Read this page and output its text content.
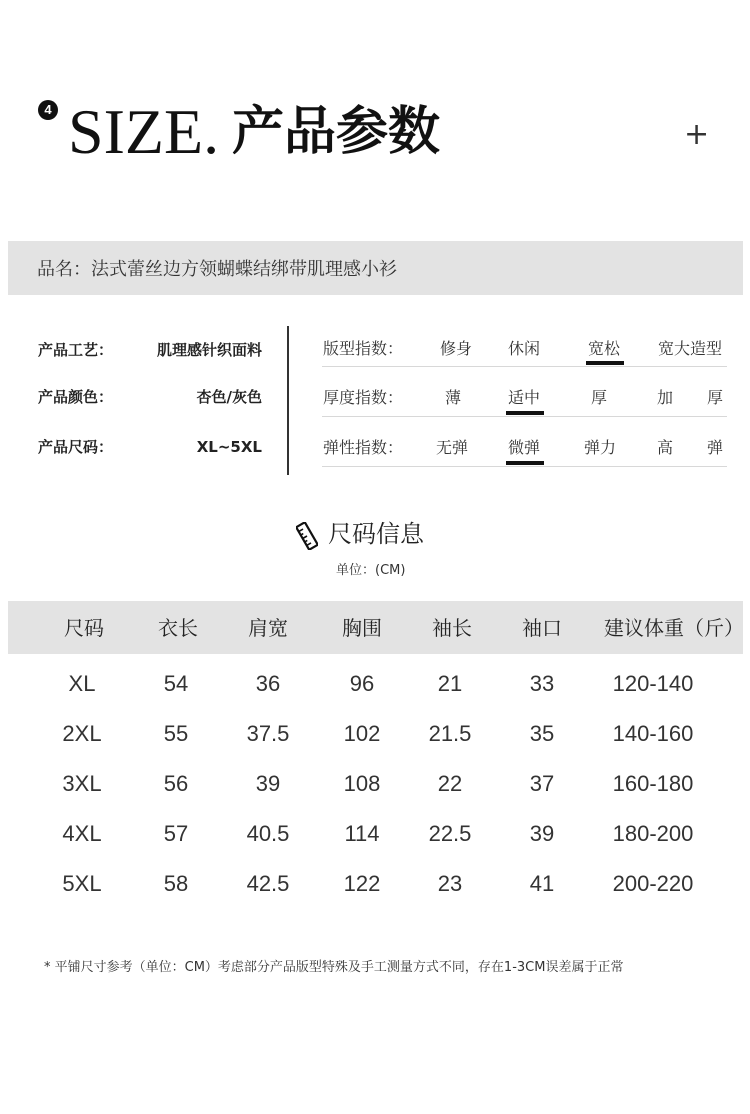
4 SIZE. 产品参数	+
品名：法式蕾丝边方领蝴蝶结绑带肌理感小衫
产品工艺：	肌理感针织面料
产品颜色：	杏色/灰色
产品尺码：	XL~5XL
版型指数：	修身	休闲	宽松	宽大造型
厚度指数：	薄	适中	厚	加	厚
弹性指数：	无弹	微弹	弹力	高	弹
尺码信息
单位：(CM)
尺码	衣长	肩宽	胸围	袖长	袖口	建议体重（斤）
XL	54	36	96	21	33	120-140
2XL	55	37.5	102	21.5	35	140-160
3XL	56	39	108	22	37	160-180
4XL	57	40.5	114	22.5	39	180-200
5XL	58	42.5	122	23	41	200-220
* 平铺尺寸参考（单位：CM）考虑部分产品版型特殊及手工测量方式不同，存在1-3CM误差属于正常
